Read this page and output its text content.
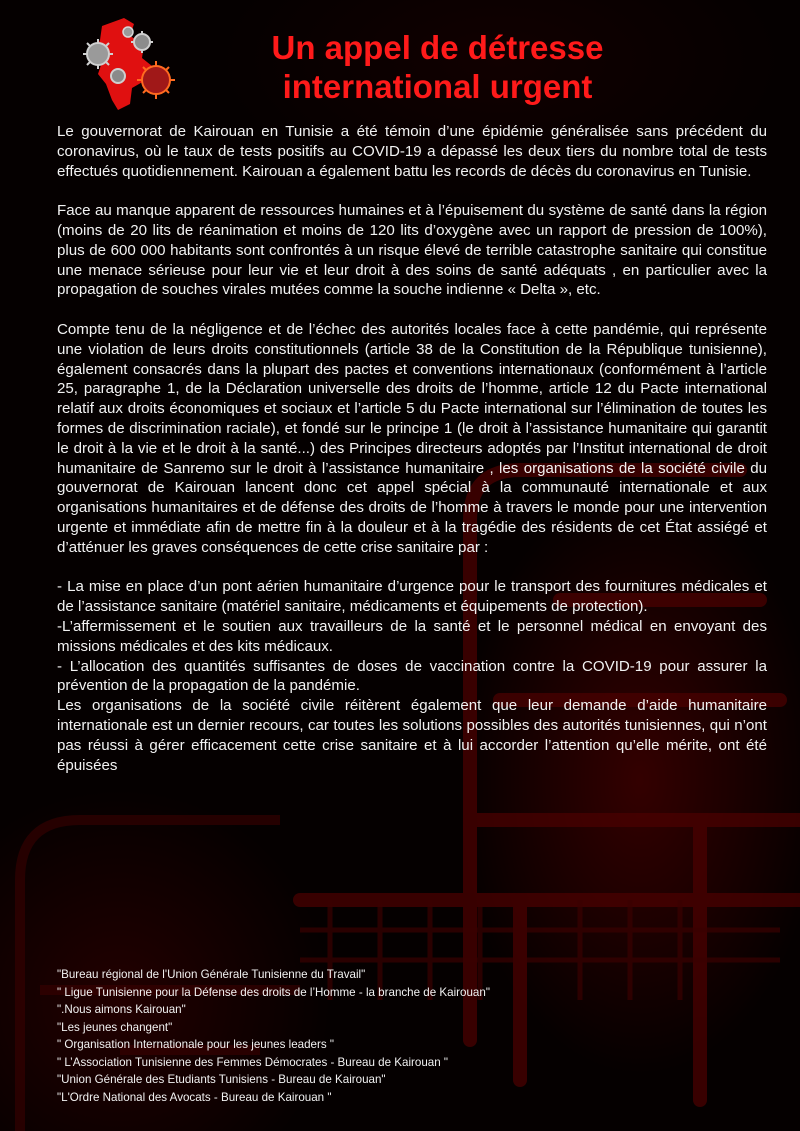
Un appel de détresse
international urgent

Le gouvernorat de Kairouan en Tunisie a été témoin d’une épidémie généralisée sans précédent du coronavirus, où le taux de tests positifs au COVID-19 a dépassé les deux tiers du nombre total de tests effectués quotidiennement. Kairouan a également battu les records de décès du coronavirus en Tunisie.

Face au manque apparent de ressources humaines et à l’épuisement du système de santé dans la région (moins de 20 lits de réanimation et moins de 120 lits d’oxygène avec un rapport de pression de 100%), plus de 600 000 habitants sont confrontés à un risque élevé de terrible catastrophe sanitaire qui constitue une menace sérieuse pour leur vie et leur droit à des soins de santé adéquats , en particulier avec la propagation de souches virales mutées comme la souche indienne « Delta », etc.

Compte tenu de la négligence et de l’échec des autorités locales face à cette pandémie, qui représente une violation de leurs droits constitutionnels (article 38 de la Constitution de la République tunisienne), également consacrés dans la plupart des pactes et conventions internationaux (conformément à l’article 25, paragraphe 1, de la Déclaration universelle des droits de l’homme, article 12 du Pacte international relatif aux droits économiques et sociaux et l’article 5 du Pacte international sur l’élimination de toutes les formes de discrimination raciale), et fondé sur le principe 1 (le droit à l’assistance humanitaire qui garantit le droit à la vie et le droit à la santé...) des Principes directeurs adoptés par l’Institut international de droit humanitaire de Sanremo sur le droit à l’assistance humanitaire , les organisations de la société civile du gouvernorat de Kairouan lancent donc cet appel spécial à la communauté internationale et aux organisations humanitaires et de défense des droits de l’homme à travers le monde pour une intervention urgente et immédiate afin de mettre fin à la douleur et à la tragédie des résidents de cet État assiégé et d’atténuer les graves conséquences de cette crise sanitaire par :

- La mise en place d’un pont aérien humanitaire d’urgence pour le transport des fournitures médicales et de l’assistance sanitaire (matériel sanitaire, médicaments et équipements de protection).

-L’affermissement et le soutien aux travailleurs de la santé et le personnel médical en envoyant des missions médicales et des kits médicaux.

- L’allocation des quantités suffisantes de doses de vaccination contre la COVID-19 pour assurer la prévention de la propagation de la pandémie.

Les organisations de la société civile réitèrent également que leur demande d’aide humanitaire internationale est un dernier recours, car toutes les solutions possibles des autorités tunisiennes, qui n’ont pas réussi à gérer efficacement cette crise sanitaire et à lui accorder l’attention qu’elle mérite, ont été épuisées

"Bureau régional de l'Union Générale Tunisienne du Travail"
" Ligue Tunisienne pour la Défense des droits de l’Homme - la branche de Kairouan"
".Nous aimons Kairouan"
"Les jeunes changent"
" Organisation Internationale pour les jeunes leaders "
" L’Association Tunisienne des Femmes Démocrates - Bureau de Kairouan "
"Union Générale des Etudiants Tunisiens - Bureau de Kairouan"
"L'Ordre National des Avocats - Bureau de Kairouan "
